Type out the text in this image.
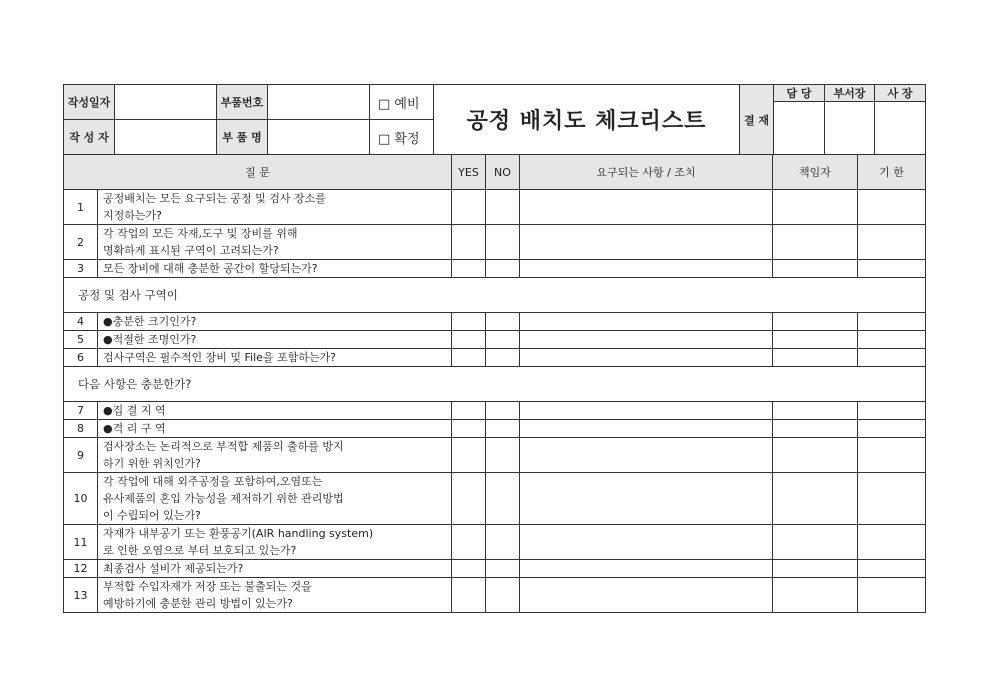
작성일자		부품번호		□ 예비	공정 배치도 체크리스트	결 재	담 당	부서장	사 장

작 성 자		부 품 명		□ 확정					

질 문		YES	NO	요구되는 사항 / 조치	책임자	기 한
1	공정배치는 모든 요구되는 공정 및 검사 장소를
지정하는가?					

2	각 작업의 모든 자재,도구 및 장비를 위해
명확하게 표시된 구역이 고려되는가?					

3	모든 장비에 대해 충분한 공간이 할당되는가?					

공정 및 검사 구역이						
4	●충분한 크기인가?					

5	●적절한 조명인가?					

6	검사구역은 필수적인 장비 및 File을 포함하는가?					

다음 사항은 충분한가?						
7	●집 결 지 역					

8	●격 리 구 역					

9	검사장소는 논리적으로 부적합 제품의 출하를 방지
하기 위한 위치인가?					

10	각 작업에 대해 외주공정을 포함하여,오염또는
유사제품의 혼입 가능성을 제저하기 위한 관리방법
이 수립되어 있는가?					

11	자재가 내부공기 또는 환풍공기(AIR handling system)
로 인한 오염으로 부터 보호되고 있는가?					

12	최종검사 설비가 제공되는가?					

13	부적합 수입자재가 저장 또는 불출되는 것을
예방하기에 충분한 관리 방법이 있는가?					
